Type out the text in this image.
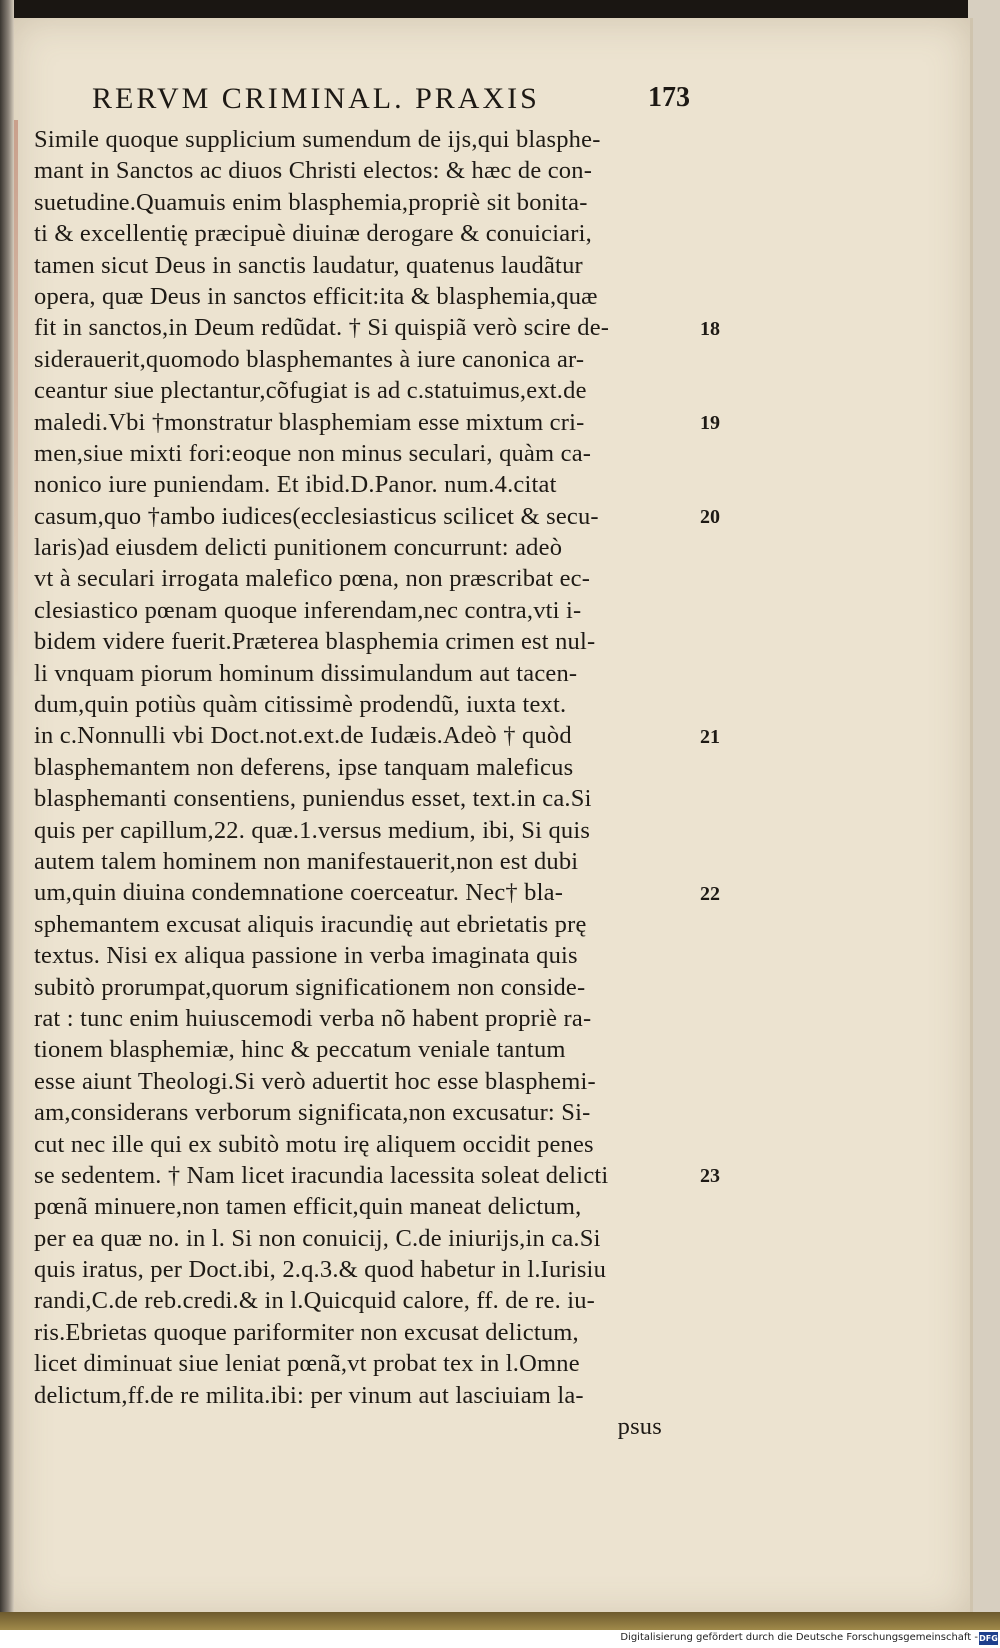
RERVM CRIMINAL. PRAXIS	173
Simile quoque supplicium sumendum de ijs,qui blasphe-
mant in Sanctos ac diuos Christi electos: & hæc de con-
suetudine.Quamuis enim blasphemia,propriè sit bonita-
ti & excellentię præcipuè diuinæ derogare & conuiciari,
tamen sicut Deus in sanctis laudatur, quatenus laudãtur
opera, quæ Deus in sanctos efficit:ita & blasphemia,quæ
fit in sanctos,in Deum redũdat. † Si quispiã verò scire de-
siderauerit,quomodo blasphemantes à iure canonica ar-
ceantur siue plectantur,cõfugiat is ad c.statuimus,ext.de
maledi.Vbi †monstratur blasphemiam esse mixtum cri-
men,siue mixti fori:eoque non minus seculari, quàm ca-
nonico iure puniendam. Et ibid.D.Panor. num.4.citat
casum,quo †ambo iudices(ecclesiasticus scilicet & secu-
laris)ad eiusdem delicti punitionem concurrunt: adeò
vt à seculari irrogata malefico pœna, non præscribat ec-
clesiastico pœnam quoque inferendam,nec contra,vti i-
bidem videre fuerit.Præterea blasphemia crimen est nul-
li vnquam piorum hominum dissimulandum aut tacen-
dum,quin potiùs quàm citissimè prodendũ, iuxta text.
in c.Nonnulli vbi Doct.not.ext.de Iudæis.Adeò † quòd
blasphemantem non deferens, ipse tanquam maleficus
blasphemanti consentiens, puniendus esset, text.in ca.Si
quis per capillum,22. quæ.1.versus medium, ibi, Si quis
autem talem hominem non manifestauerit,non est dubi
um,quin diuina condemnatione coerceatur. Nec† bla-
sphemantem excusat aliquis iracundię aut ebrietatis prę
textus. Nisi ex aliqua passione in verba imaginata quis
subitò prorumpat,quorum significationem non conside-
rat : tunc enim huiuscemodi verba nõ habent propriè ra-
tionem blasphemiæ, hinc & peccatum veniale tantum
esse aiunt Theologi.Si verò aduertit hoc esse blasphemi-
am,considerans verborum significata,non excusatur: Si-
cut nec ille qui ex subitò motu irę aliquem occidit penes
se sedentem. † Nam licet iracundia lacessita soleat delicti
pœnã minuere,non tamen efficit,quin maneat delictum,
per ea quæ no. in l. Si non conuicij, C.de iniurijs,in ca.Si
quis iratus, per Doct.ibi, 2.q.3.& quod habetur in l.Iurisiu
randi,C.de reb.credi.& in l.Quicquid calore, ff. de re. iu-
ris.Ebrietas quoque pariformiter non excusat delictum,
licet diminuat siue leniat pœnã,vt probat tex in l.Omne
delictum,ff.de re milita.ibi: per vinum aut lasciuiam la-
psus
18
19
20
21
22
23
Digitalisierung gefördert durch die Deutsche Forschungsgemeinschaft - DFG
